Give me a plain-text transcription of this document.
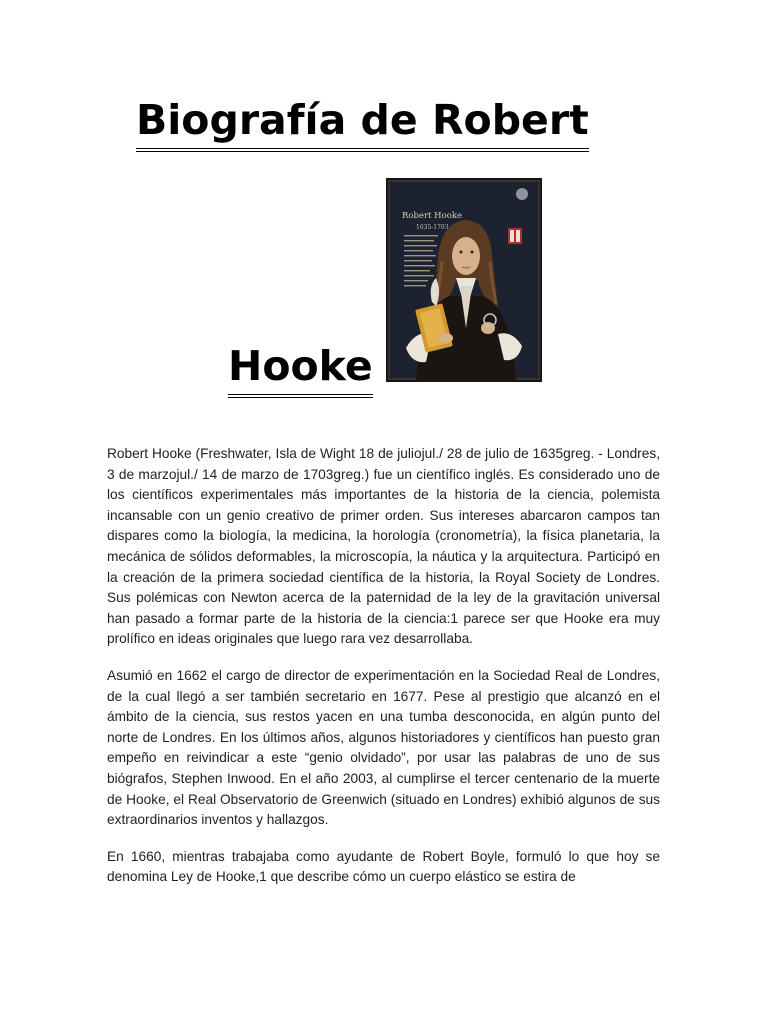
Biografía de Robert
Robert Hooke
1635-1703
Hooke

Robert Hooke (Freshwater, Isla de Wight 18 de juliojul./ 28 de julio de 1635greg. - Londres, 3 de marzojul./ 14 de marzo de 1703greg.) fue un científico inglés. Es considerado uno de los científicos experimentales más importantes de la historia de la ciencia, polemista incansable con un genio creativo de primer orden. Sus intereses abarcaron campos tan dispares como la biología, la medicina, la horología (cronometría), la física planetaria, la mecánica de sólidos deformables, la microscopía, la náutica y la arquitectura. Participó en la creación de la primera sociedad científica de la historia, la Royal Society de Londres. Sus polémicas con Newton acerca de la paternidad de la ley de la gravitación universal han pasado a formar parte de la historia de la ciencia:1 parece ser que Hooke era muy prolífico en ideas originales que luego rara vez desarrollaba.

Asumió en 1662 el cargo de director de experimentación en la Sociedad Real de Londres, de la cual llegó a ser también secretario en 1677. Pese al prestigio que alcanzó en el ámbito de la ciencia, sus restos yacen en una tumba desconocida, en algún punto del norte de Londres. En los últimos años, algunos historiadores y científicos han puesto gran empeño en reivindicar a este “genio olvidado”, por usar las palabras de uno de sus biógrafos, Stephen Inwood. En el año 2003, al cumplirse el tercer centenario de la muerte de Hooke, el Real Observatorio de Greenwich (situado en Londres) exhibió algunos de sus extraordinarios inventos y hallazgos.

En 1660, mientras trabajaba como ayudante de Robert Boyle, formuló lo que hoy se denomina Ley de Hooke,1 que describe cómo un cuerpo elástico se estira de
